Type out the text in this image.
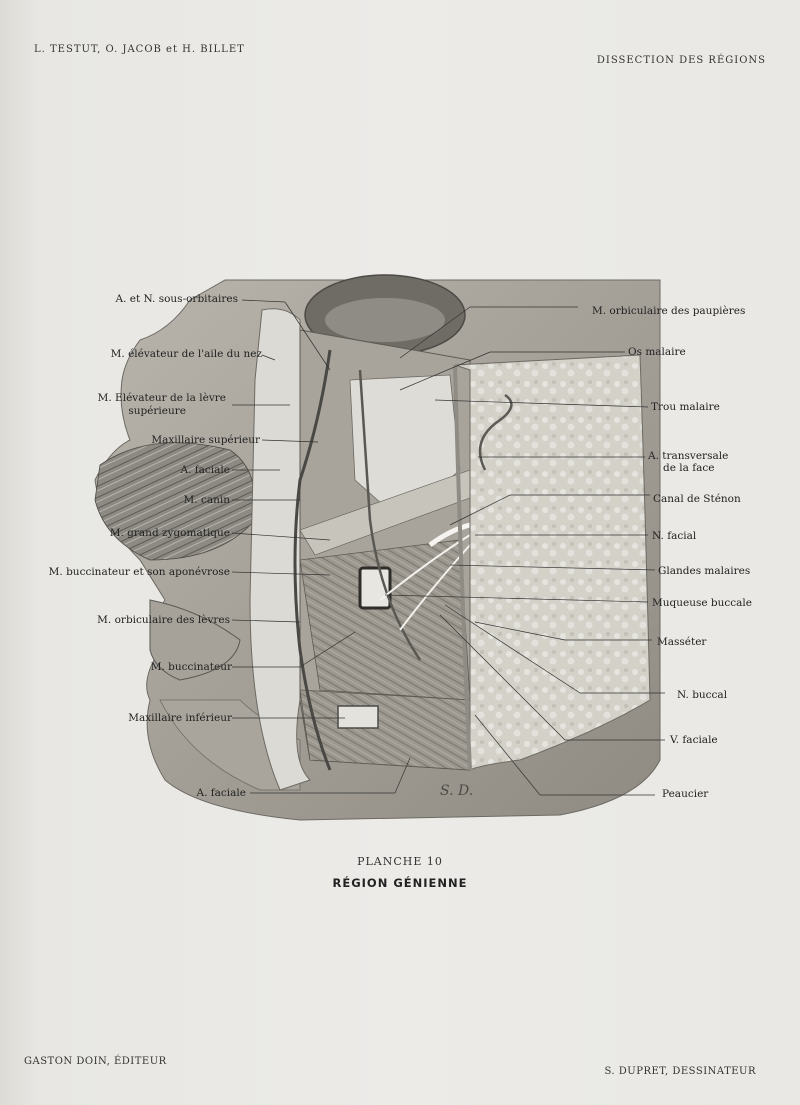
L. TESTUT, O. JACOB et H. BILLET
DISSECTION DES RÉGIONS
S. D.
A. et N. sous-orbitaires
M. élévateur de l'aile du nez
M. Elévateur de la lèvre
supérieure
Maxillaire supérieur
A. faciale
M. canin
M. grand zygomatique
M. buccinateur et son aponévrose
M. orbiculaire des lèvres
M. buccinateur
Maxillaire inférieur
A. faciale
M. orbiculaire des paupières
Os malaire
Trou malaire
A. transversale
de la face
Canal de Sténon
N. facial
Glandes malaires
Muqueuse buccale
Masséter
N. buccal
V. faciale
Peaucier
PLANCHE 10
RÉGION GÉNIENNE
GASTON DOIN, ÉDITEUR
S. DUPRET, DESSINATEUR
